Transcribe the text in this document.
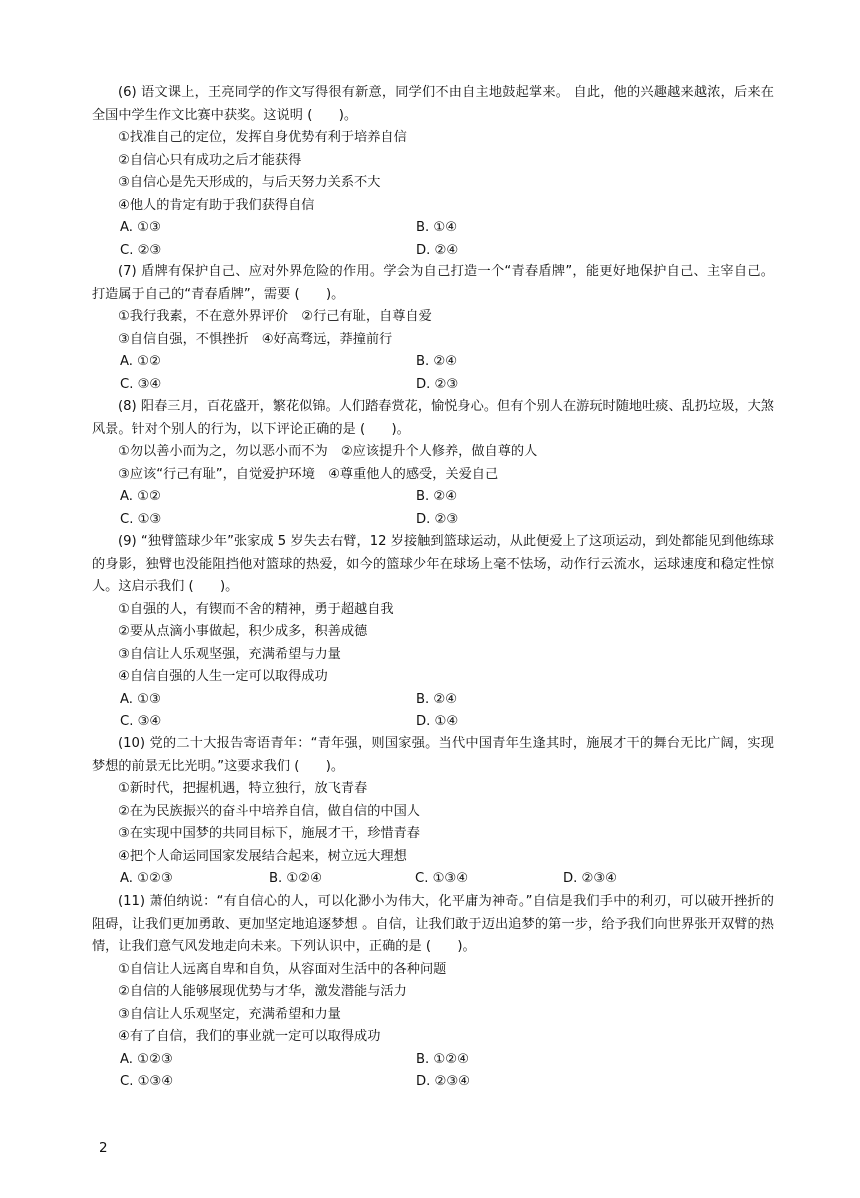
(6) 语文课上，王亮同学的作文写得很有新意，同学们不由自主地鼓起掌来。 自此，他的兴趣越来越浓，后来在全国中学生作文比赛中获奖。这说明 (　　)。
①找准自己的定位，发挥自身优势有利于培养自信
②自信心只有成功之后才能获得
③自信心是先天形成的，与后天努力关系不大
④他人的肯定有助于我们获得自信
A. ①③	B. ①④
C. ②③	D. ②④
(7) 盾牌有保护自己、应对外界危险的作用。学会为自己打造一个“青春盾牌”，能更好地保护自己、主宰自己。打造属于自己的“青春盾牌”，需要 (　　)。
①我行我素，不在意外界评价　②行己有耻，自尊自爱
③自信自强，不惧挫折　④好高骛远，莽撞前行
A. ①②	B. ②④
C. ③④	D. ②③
(8) 阳春三月，百花盛开，繁花似锦。人们踏春赏花，愉悦身心。但有个别人在游玩时随地吐痰、乱扔垃圾，大煞风景。针对个别人的行为，以下评论正确的是 (　　)。
①勿以善小而为之，勿以恶小而不为　②应该提升个人修养，做自尊的人
③应该“行己有耻”，自觉爱护环境　④尊重他人的感受，关爱自己
A. ①②	B. ②④
C. ①③	D. ②③
(9) “独臂篮球少年”张家成 5 岁失去右臂，12 岁接触到篮球运动，从此便爱上了这项运动，到处都能见到他练球的身影，独臂也没能阻挡他对篮球的热爱，如今的篮球少年在球场上毫不怯场，动作行云流水，运球速度和稳定性惊人。这启示我们 (　　)。
①自强的人，有锲而不舍的精神，勇于超越自我
②要从点滴小事做起，积少成多，积善成德
③自信让人乐观坚强，充满希望与力量
④自信自强的人生一定可以取得成功
A. ①③	B. ②④
C. ③④	D. ①④
(10) 党的二十大报告寄语青年：“青年强，则国家强。当代中国青年生逢其时，施展才干的舞台无比广阔，实现梦想的前景无比光明。”这要求我们 (　　)。
①新时代，把握机遇，特立独行，放飞青春
②在为民族振兴的奋斗中培养自信，做自信的中国人
③在实现中国梦的共同目标下，施展才干，珍惜青春
④把个人命运同国家发展结合起来，树立远大理想
A. ①②③	B. ①②④	C. ①③④	D. ②③④
(11) 萧伯纳说：“有自信心的人，可以化渺小为伟大，化平庸为神奇。”自信是我们手中的利刃，可以破开挫折的阻碍，让我们更加勇敢、更加坚定地追逐梦想 。自信，让我们敢于迈出追梦的第一步，给予我们向世界张开双臂的热情，让我们意气风发地走向未来。下列认识中，正确的是 (　　)。
①自信让人远离自卑和自负，从容面对生活中的各种问题
②自信的人能够展现优势与才华，激发潜能与活力
③自信让人乐观坚定，充满希望和力量
④有了自信，我们的事业就一定可以取得成功
A. ①②③	B. ①②④
C. ①③④	D. ②③④
2
